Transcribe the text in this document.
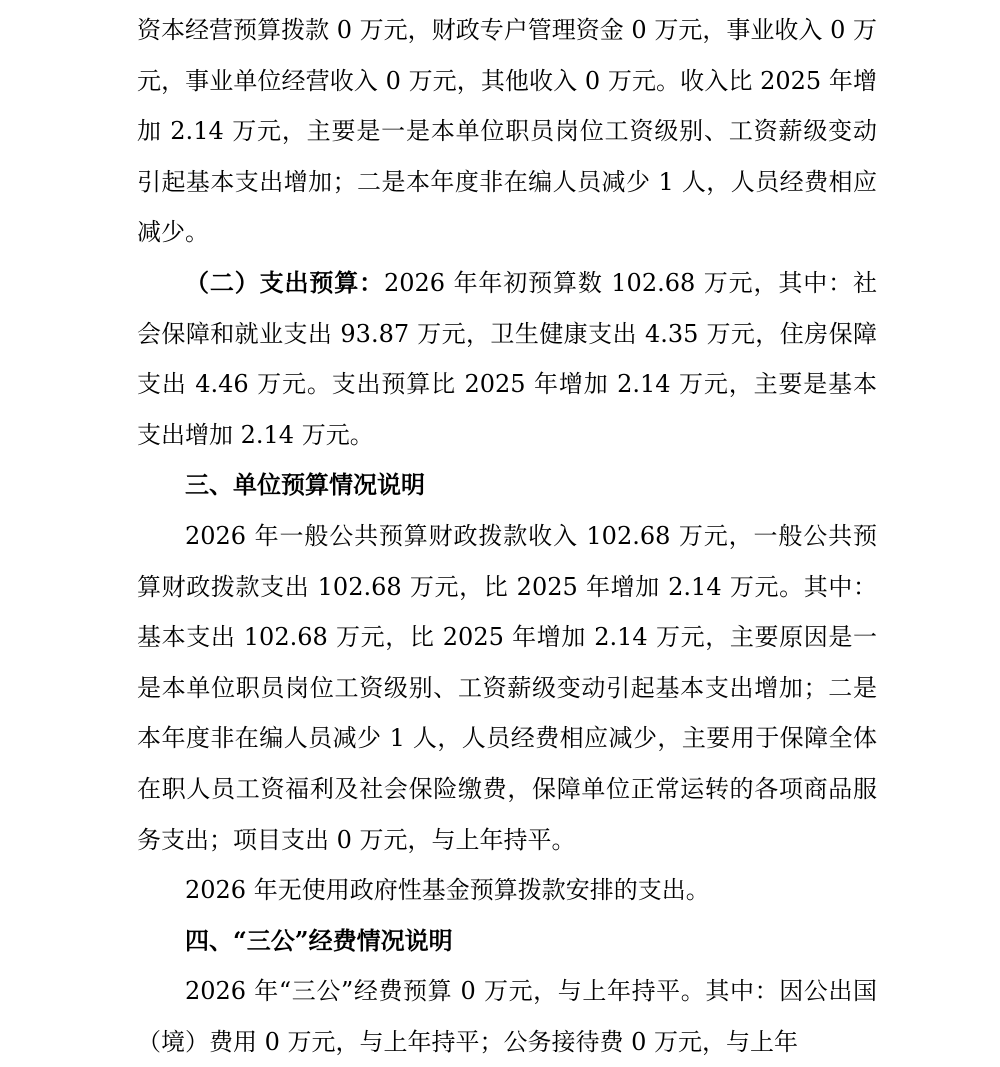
资本经营预算拨款 0 万元，财政专户管理资金 0 万元，事业收入 0 万元，事业单位经营收入 0 万元，其他收入 0 万元。收入比 2025 年增加 2.14 万元，主要是一是本单位职员岗位工资级别、工资薪级变动引起基本支出增加；二是本年度非在编人员减少 1 人，人员经费相应减少。

（二）支出预算：2026 年年初预算数 102.68 万元，其中：社会保障和就业支出 93.87 万元，卫生健康支出 4.35 万元，住房保障支出 4.46 万元。支出预算比 2025 年增加 2.14 万元，主要是基本支出增加 2.14 万元。

三、单位预算情况说明

2026 年一般公共预算财政拨款收入 102.68 万元，一般公共预算财政拨款支出 102.68 万元，比 2025 年增加 2.14 万元。其中：基本支出 102.68 万元，比 2025 年增加 2.14 万元，主要原因是一是本单位职员岗位工资级别、工资薪级变动引起基本支出增加；二是本年度非在编人员减少 1 人，人员经费相应减少，主要用于保障全体在职人员工资福利及社会保险缴费，保障单位正常运转的各项商品服务支出；项目支出 0 万元，与上年持平。

2026 年无使用政府性基金预算拨款安排的支出。

四、“三公”经费情况说明

2026 年“三公”经费预算 0 万元，与上年持平。其中：因公出国（境）费用 0 万元，与上年持平；公务接待费 0 万元，与上年
